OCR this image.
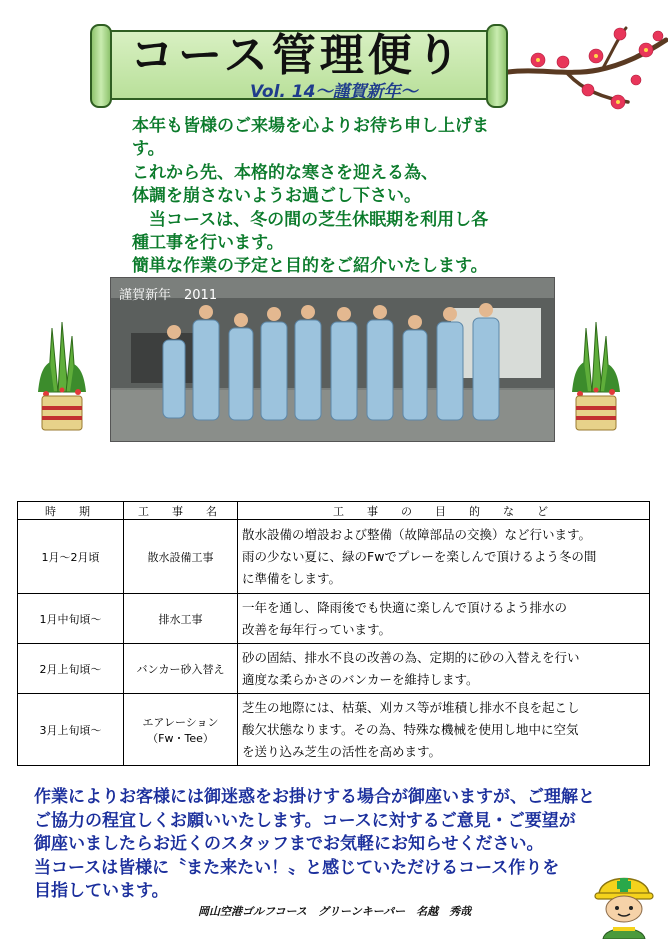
コース管理便り
Vol. 14～謹賀新年～

本年も皆様のご来場を心よりお待ち申し上げま

す。

これから先、本格的な寒さを迎える為、

体調を崩さないようお過ごし下さい。

　当コースは、冬の間の芝生休眠期を利用し各

種工事を行います。

簡単な作業の予定と目的をご紹介いたします。

謹賀新年　2011
時　期	工　事　名	工　事　の　目　的　な　ど
1月～2月頃	散水設備工事	散水設備の増設および整備（故障部品の交換）など行います。
雨の少ない夏に、緑のFwでプレーを楽しんで頂けるよう冬の間
に準備をします。

1月中旬頃～	排水工事	一年を通し、降雨後でも快適に楽しんで頂けるよう排水の
改善を毎年行っています。

2月上旬頃～	バンカー砂入替え	砂の固結、排水不良の改善の為、定期的に砂の入替えを行い
適度な柔らかさのバンカーを維持します。

3月上旬頃～	エアレーション
（Fw・Tee）	芝生の地際には、枯葉、刈カス等が堆積し排水不良を起こし
酸欠状態なります。その為、特殊な機械を使用し地中に空気
を送り込み芝生の活性を高めます。

作業によりお客様には御迷惑をお掛けする場合が御座いますが、ご理解と

ご協力の程宜しくお願いいたします。コースに対するご意見・ご要望が

御座いましたらお近くのスタッフまでお気軽にお知らせください。

当コースは皆様に〝また来たい！〟と感じていただけるコース作りを

目指しています。

岡山空港ゴルフコース　グリーンキーパー　名越　秀哉
